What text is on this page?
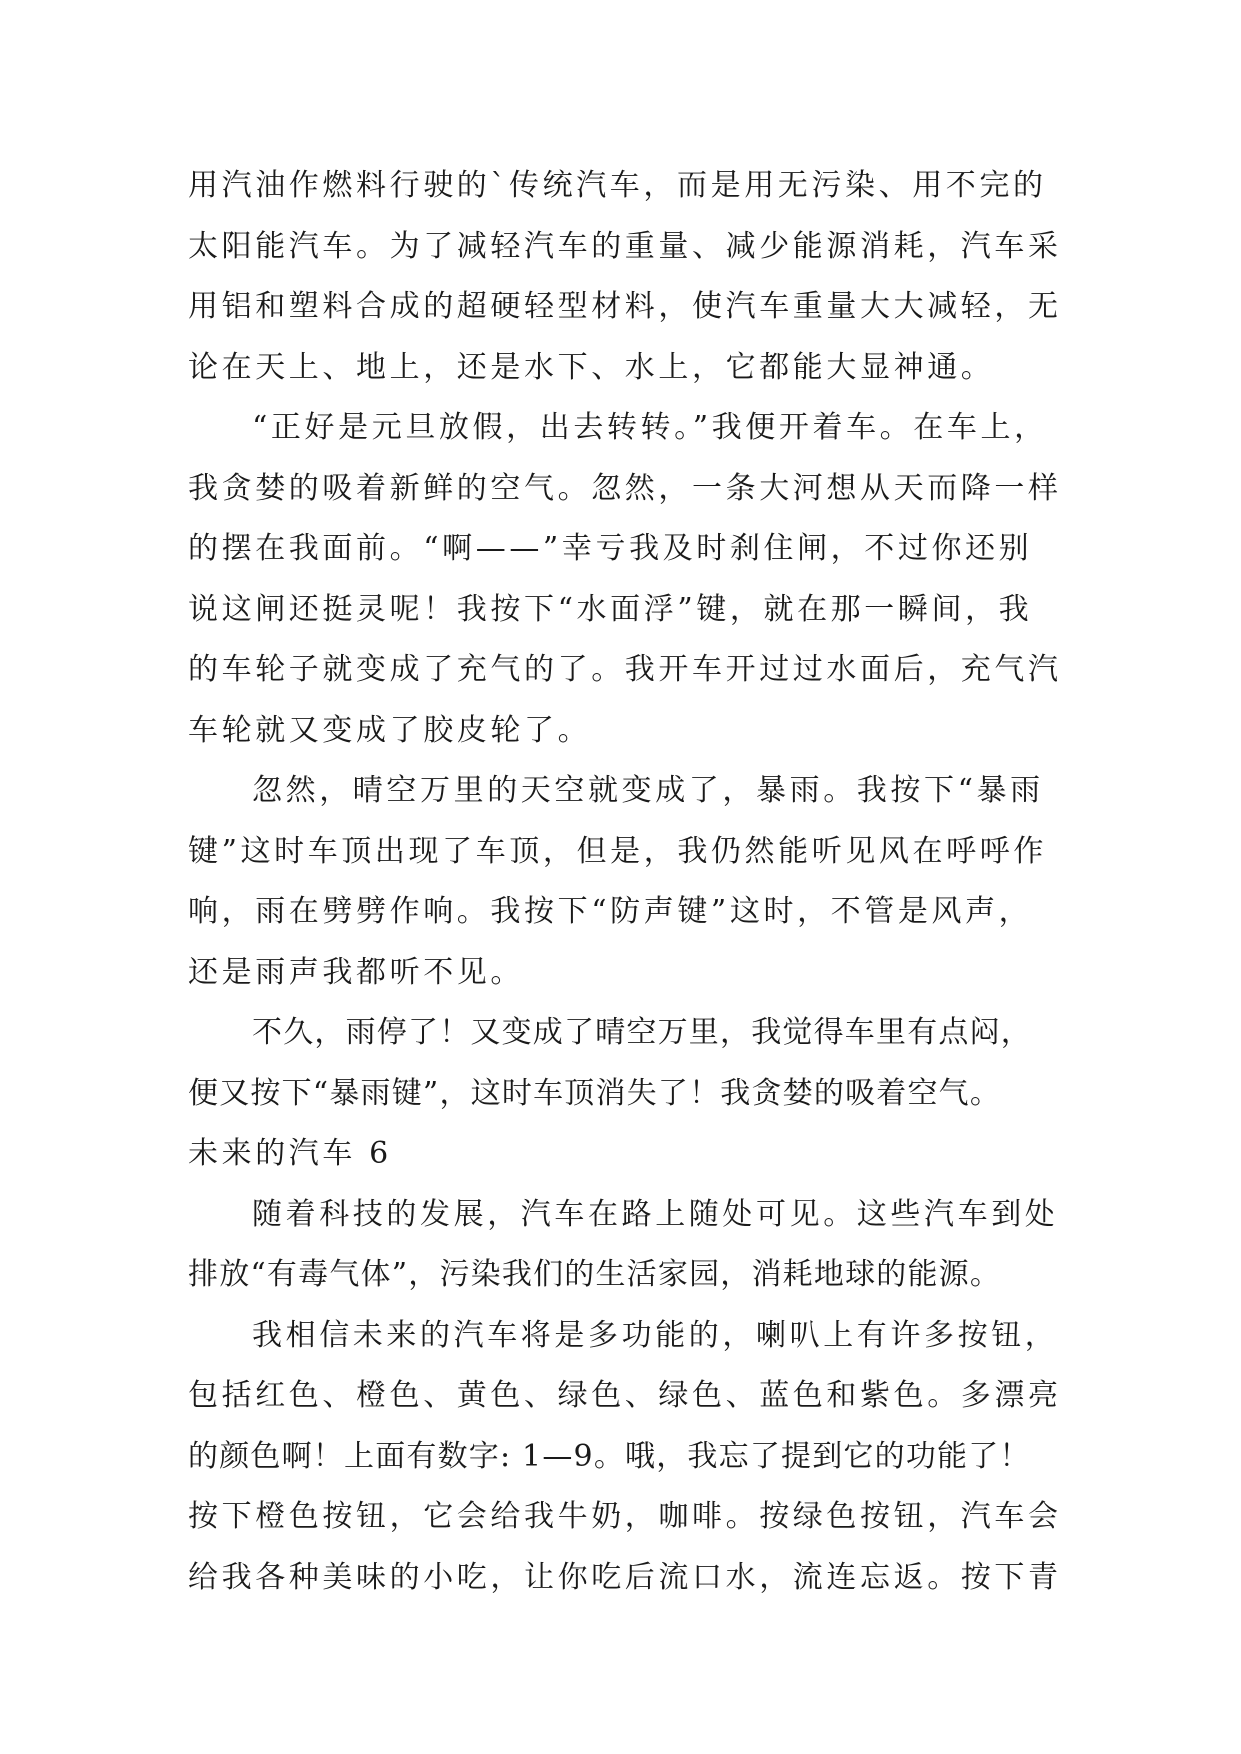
用汽油作燃料行驶的`传统汽车，而是用无污染、用不完的
太阳能汽车。为了减轻汽车的重量、减少能源消耗，汽车采
用铝和塑料合成的超硬轻型材料，使汽车重量大大减轻，无
论在天上、地上，还是水下、水上，它都能大显神通。
“正好是元旦放假，出去转转。”我便开着车。在车上，
我贪婪的吸着新鲜的空气。忽然，一条大河想从天而降一样
的摆在我面前。“啊——”幸亏我及时刹住闸，不过你还别
说这闸还挺灵呢！我按下“水面浮”键，就在那一瞬间，我
的车轮子就变成了充气的了。我开车开过过水面后，充气汽
车轮就又变成了胶皮轮了。
忽然，晴空万里的天空就变成了，暴雨。我按下“暴雨
键”这时车顶出现了车顶，但是，我仍然能听见风在呼呼作
响，雨在劈劈作响。我按下“防声键”这时，不管是风声，
还是雨声我都听不见。
不久，雨停了！又变成了晴空万里，我觉得车里有点闷，
便又按下“暴雨键”，这时车顶消失了！我贪婪的吸着空气。
未来的汽车 6
随着科技的发展，汽车在路上随处可见。这些汽车到处
排放“有毒气体”，污染我们的生活家园，消耗地球的能源。
我相信未来的汽车将是多功能的，喇叭上有许多按钮，
包括红色、橙色、黄色、绿色、绿色、蓝色和紫色。多漂亮
的颜色啊！上面有数字: 1—9。哦，我忘了提到它的功能了！
按下橙色按钮，它会给我牛奶，咖啡。按绿色按钮，汽车会
给我各种美味的小吃，让你吃后流口水，流连忘返。按下青
